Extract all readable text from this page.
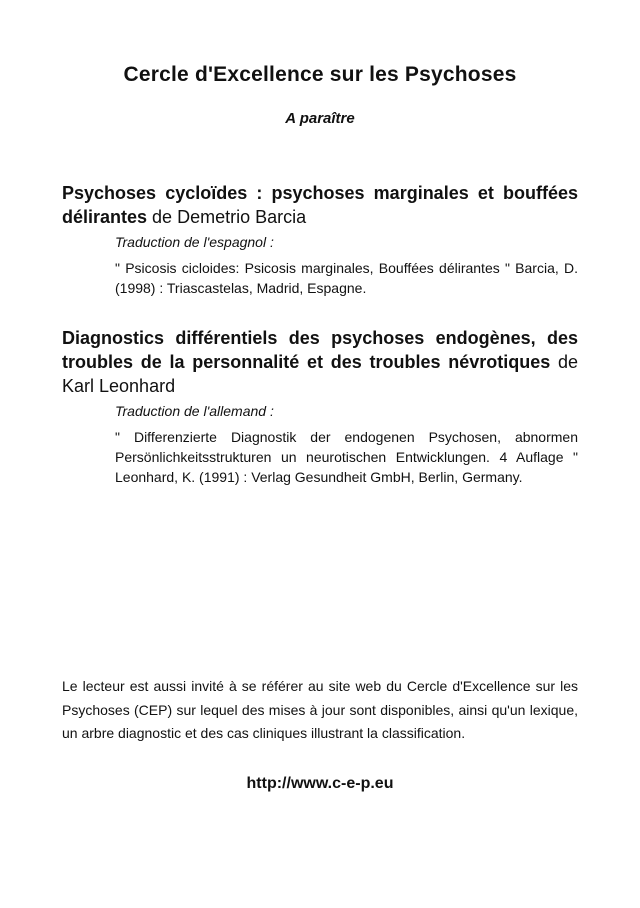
Cercle d'Excellence sur les Psychoses
A paraître
Psychoses cycloïdes : psychoses marginales et bouffées délirantes de Demetrio Barcia
Traduction de l'espagnol :
" Psicosis cicloides: Psicosis marginales, Bouffées délirantes " Barcia, D. (1998) : Triascastelas, Madrid, Espagne.
Diagnostics différentiels des psychoses endogènes, des troubles de la personnalité et des troubles névrotiques de Karl Leonhard
Traduction de l'allemand :
" Differenzierte Diagnostik der endogenen Psychosen, abnormen Persönlichkeitsstrukturen un neurotischen Entwicklungen. 4 Auflage " Leonhard, K. (1991) : Verlag Gesundheit GmbH, Berlin, Germany.
Le lecteur est aussi invité à se référer au site web du Cercle d'Excellence sur les Psychoses (CEP) sur lequel des mises à jour sont disponibles, ainsi qu'un lexique, un arbre diagnostic et des cas cliniques illustrant la classification.
http://www.c-e-p.eu
